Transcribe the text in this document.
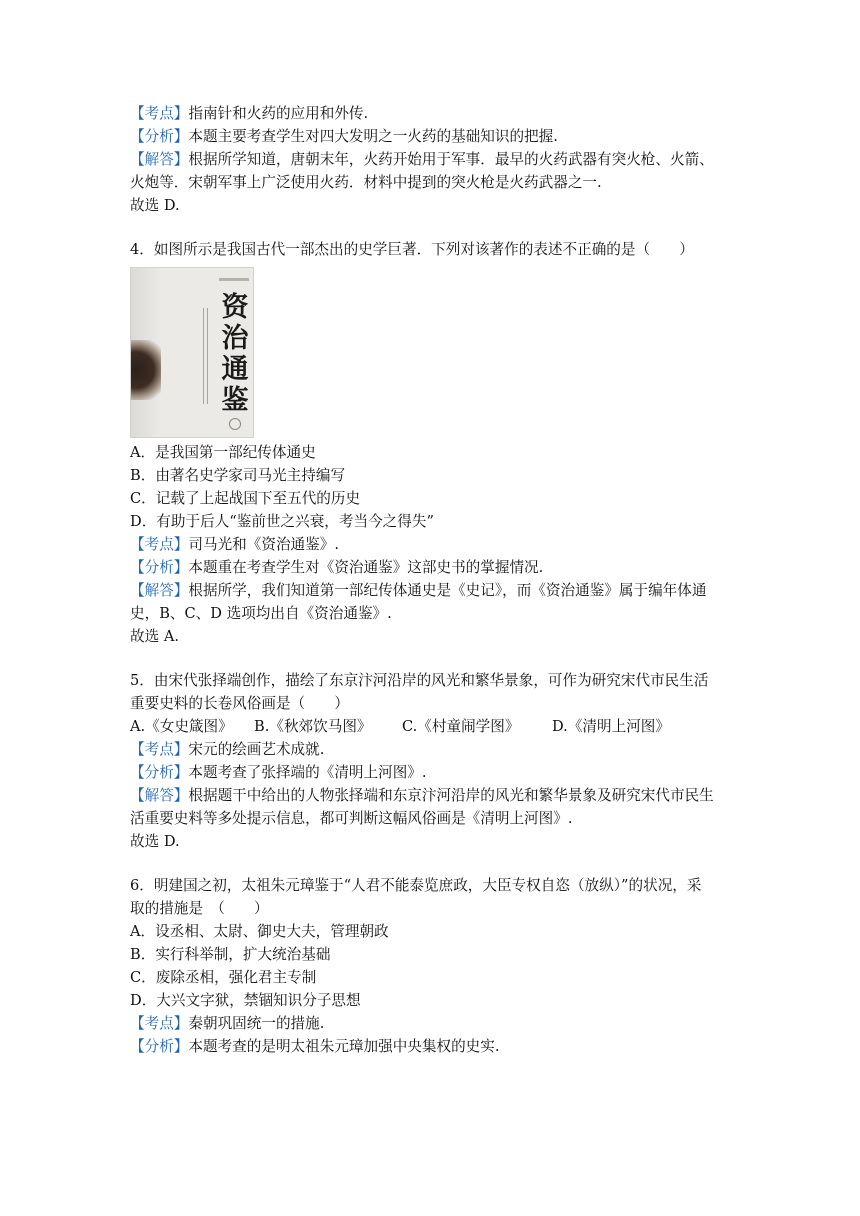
【考点】指南针和火药的应用和外传.
【分析】本题主要考查学生对四大发明之一火药的基础知识的把握.
【解答】根据所学知道，唐朝末年，火药开始用于军事．最早的火药武器有突火枪、火箭、
火炮等．宋朝军事上广泛使用火药．材料中提到的突火枪是火药武器之一.
故选 D.
4．如图所示是我国古代一部杰出的史学巨著．下列对该著作的表述不正确的是（　　）
资
治
通
鉴
A．是我国第一部纪传体通史
B．由著名史学家司马光主持编写
C．记载了上起战国下至五代的历史
D．有助于后人“鉴前世之兴衰，考当今之得失”
【考点】司马光和《资治通鉴》.
【分析】本题重在考查学生对《资治通鉴》这部史书的掌握情况.
【解答】根据所学，我们知道第一部纪传体通史是《史记》，而《资治通鉴》属于编年体通
史，B、C、D 选项均出自《资治通鉴》.
故选 A.
5．由宋代张择端创作，描绘了东京汴河沿岸的风光和繁华景象，可作为研究宋代市民生活
重要史料的长卷风俗画是（　　）
A.《女史箴图》 B.《秋郊饮马图》 C.《村童闹学图》 D.《清明上河图》
【考点】宋元的绘画艺术成就.
【分析】本题考查了张择端的《清明上河图》.
【解答】根据题干中给出的人物张择端和东京汴河沿岸的风光和繁华景象及研究宋代市民生
活重要史料等多处提示信息，都可判断这幅风俗画是《清明上河图》.
故选 D.
6．明建国之初，太祖朱元璋鉴于“人君不能泰览庶政，大臣专权自恣（放纵）”的状况，采
取的措施是　（　　）
A．设丞相、太尉、御史大夫，管理朝政
B．实行科举制，扩大统治基础
C．废除丞相，强化君主专制
D．大兴文字狱，禁锢知识分子思想
【考点】秦朝巩固统一的措施.
【分析】本题考查的是明太祖朱元璋加强中央集权的史实.
